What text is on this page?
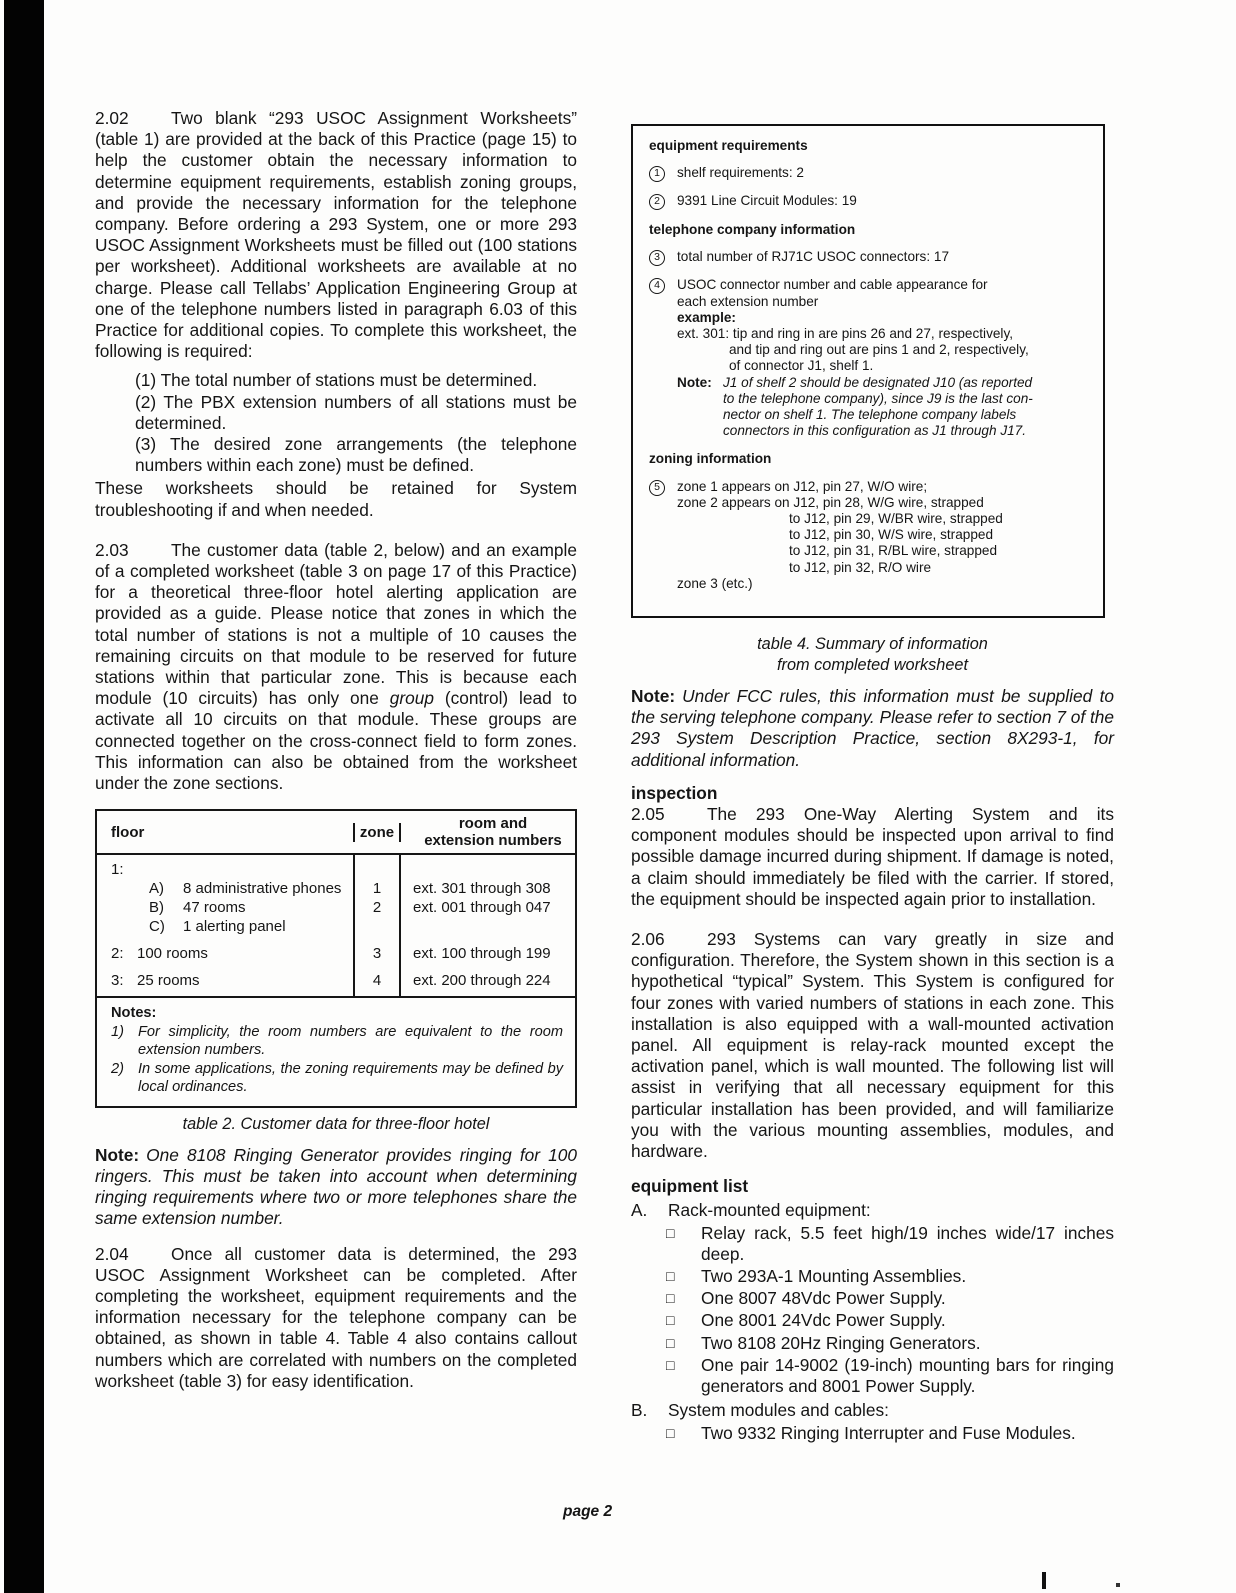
2.02 Two blank “293 USOC Assignment Worksheets” (table 1) are provided at the back of this Practice (page 15) to help the customer obtain the necessary information to determine equipment requirements, establish zoning groups, and provide the necessary information for the telephone company. Before ordering a 293 System, one or more 293 USOC Assignment Worksheets must be filled out (100 stations per worksheet). Additional worksheets are available at no charge. Please call Tellabs’ Application Engineering Group at one of the telephone numbers listed in paragraph 6.03 of this Practice for additional copies. To complete this worksheet, the following is required:

(1) The total number of stations must be determined.

(2) The PBX extension numbers of all stations must be determined.

(3) The desired zone arrangements (the telephone numbers within each zone) must be defined.

These worksheets should be retained for System troubleshooting if and when needed.

2.03 The customer data (table 2, below) and an example of a completed worksheet (table 3 on page 17 of this Practice) for a theoretical three-floor hotel alerting application are provided as a guide. Please notice that zones in which the total number of stations is not a multiple of 10 causes the remaining circuits on that module to be reserved for future stations within that particular zone. This is because each module (10 circuits) has only one group (control) lead to activate all 10 circuits on that module. These groups are connected together on the cross-connect field to form zones. This information can also be obtained from the worksheet under the zone sections.

floor	zone	room and
extension numbers
1:
A)	8 administrative phones	1	ext. 301 through 308
B)	47 rooms	2	ext. 001 through 047
C)	1 alerting panel
2: 100 rooms	3	ext. 100 through 199
3: 25 rooms	4	ext. 200 through 224
Notes:
1) For simplicity, the room numbers are equivalent to the room extension numbers.
2) In some applications, the zoning requirements may be defined by local ordinances.

table 2. Customer data for three-floor hotel

Note: One 8108 Ringing Generator provides ringing for 100 ringers. This must be taken into account when determining ringing requirements where two or more telephones share the same extension number.

2.04 Once all customer data is determined, the 293 USOC Assignment Worksheet can be completed. After completing the worksheet, equipment requirements and the information necessary for the telephone company can be obtained, as shown in table 4. Table 4 also contains callout numbers which are correlated with numbers on the completed worksheet (table 3) for easy identification.

equipment requirements
1	shelf requirements: 2
2	9391 Line Circuit Modules: 19
telephone company information
3	total number of RJ71C USOC connectors: 17
4	USOC connector number and cable appearance for
each extension number
example:
ext. 301: tip and ring in are pins 26 and 27, respectively,
and tip and ring out are pins 1 and 2, respectively,
of connector J1, shelf 1.
Note: J1 of shelf 2 should be designated J10 (as reported
to the telephone company), since J9 is the last con-
nector on shelf 1. The telephone company labels
connectors in this configuration as J1 through J17.
zoning information
5	zone 1 appears on J12, pin 27, W/O wire;
zone 2 appears on J12, pin 28, W/G wire, strapped
to J12, pin 29, W/BR wire, strapped
to J12, pin 30, W/S wire, strapped
to J12, pin 31, R/BL wire, strapped
to J12, pin 32, R/O wire
zone 3 (etc.)
table 4. Summary of information
from completed worksheet

Note: Under FCC rules, this information must be supplied to the serving telephone company. Please refer to section 7 of the 293 System Description Practice, section 8X293-1, for additional information.

inspection

2.05 The 293 One-Way Alerting System and its component modules should be inspected upon arrival to find possible damage incurred during shipment. If damage is noted, a claim should immediately be filed with the carrier. If stored, the equipment should be inspected again prior to installation.

2.06 293 Systems can vary greatly in size and configuration. Therefore, the System shown in this section is a hypothetical “typical” System. This System is configured for four zones with varied numbers of stations in each zone. This installation is also equipped with a wall-mounted activation panel. All equipment is relay-rack mounted except the activation panel, which is wall mounted. The following list will assist in verifying that all necessary equipment for this particular installation has been provided, and will familiarize you with the various mounting assemblies, modules, and hardware.

equipment list
A.	Rack-mounted equipment:
□	Relay rack, 5.5 feet high/19 inches wide/17 inches deep.
□	Two 293A-1 Mounting Assemblies.
□	One 8007 48Vdc Power Supply.
□	One 8001 24Vdc Power Supply.
□	Two 8108 20Hz Ringing Generators.
□	One pair 14-9002 (19-inch) mounting bars for ringing generators and 8001 Power Supply.
B.	System modules and cables:
□	Two 9332 Ringing Interrupter and Fuse Modules.
page 2
